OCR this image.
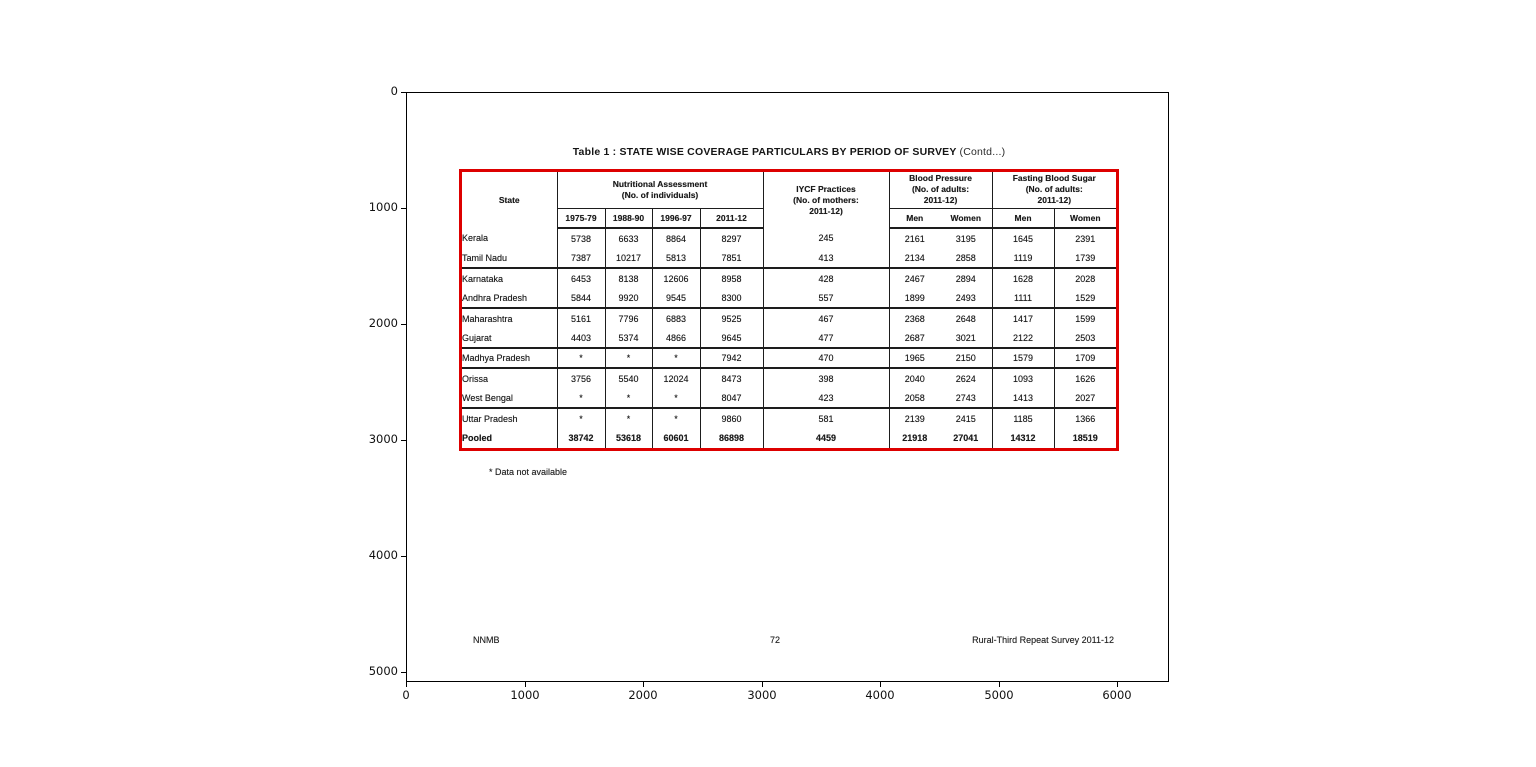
Table 1 : STATE WISE COVERAGE PARTICULARS BY PERIOD OF SURVEY (Contd...)
State	
Nutritional Assessment
(No. of individuals)

IYCF Practices
(No. of mothers:
2011-12)

Blood Pressure
(No. of adults:
2011-12)

Fasting Blood Sugar
(No. of adults:
2011-12)

	1975-79	1988-90	1996-97	2011-12		Men	Women	Men	Women
Kerala	5738	6633	8864	8297	245	2161	3195	1645	2391
Tamil Nadu	7387	10217	5813	7851	413	2134	2858	1119	1739
Karnataka	6453	8138	12606	8958	428	2467	2894	1628	2028
Andhra Pradesh	5844	9920	9545	8300	557	1899	2493	1111	1529
Maharashtra	5161	7796	6883	9525	467	2368	2648	1417	1599
Gujarat	4403	5374	4866	9645	477	2687	3021	2122	2503
Madhya Pradesh	*	*	*	7942	470	1965	2150	1579	1709
Orissa	3756	5540	12024	8473	398	2040	2624	1093	1626
West Bengal	*	*	*	8047	423	2058	2743	1413	2027
Uttar Pradesh	*	*	*	9860	581	2139	2415	1185	1366
Pooled	38742	53618	60601	86898	4459	21918	27041	14312	18519
* Data not available
NNMB	72	Rural-Third Repeat Survey 2011-12
0
1000
2000
3000
4000
5000
0	1000	2000	3000	4000	5000	6000
